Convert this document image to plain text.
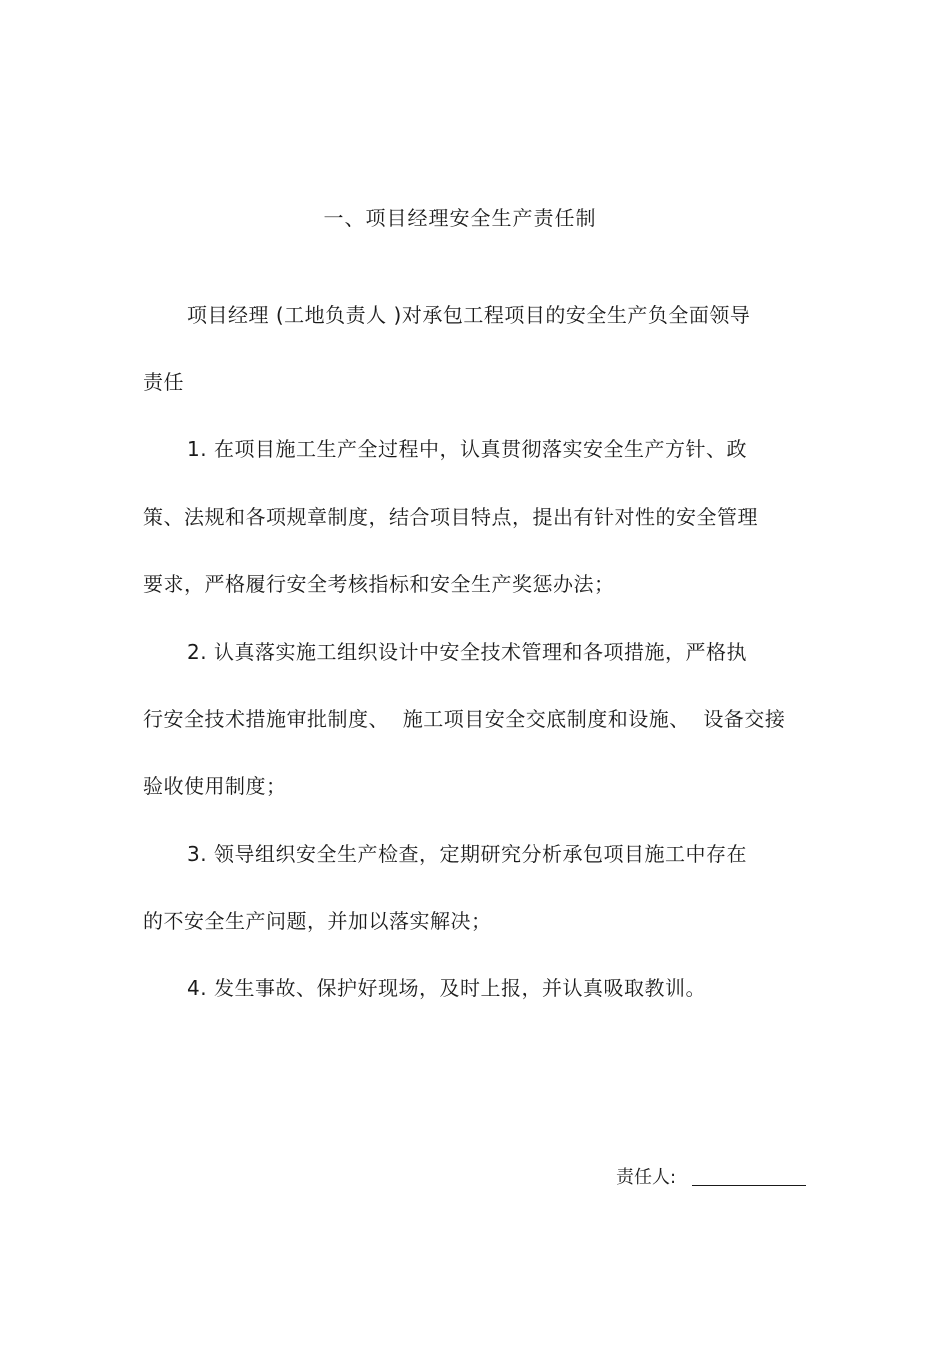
一、项目经理安全生产责任制
项目经理 (工地负责人 )对承包工程项目的安全生产负全面领导
责任
1. 在项目施工生产全过程中，认真贯彻落实安全生产方针、政
策、法规和各项规章制度，结合项目特点，提出有针对性的安全管理
要求，严格履行安全考核指标和安全生产奖惩办法；
2. 认真落实施工组织设计中安全技术管理和各项措施，严格执
行安全技术措施审批制度、  施工项目安全交底制度和设施、  设备交接
验收使用制度；
3. 领导组织安全生产检查，定期研究分析承包项目施工中存在
的不安全生产问题，并加以落实解决；
4. 发生事故、保护好现场，及时上报，并认真吸取教训。
责任人:
